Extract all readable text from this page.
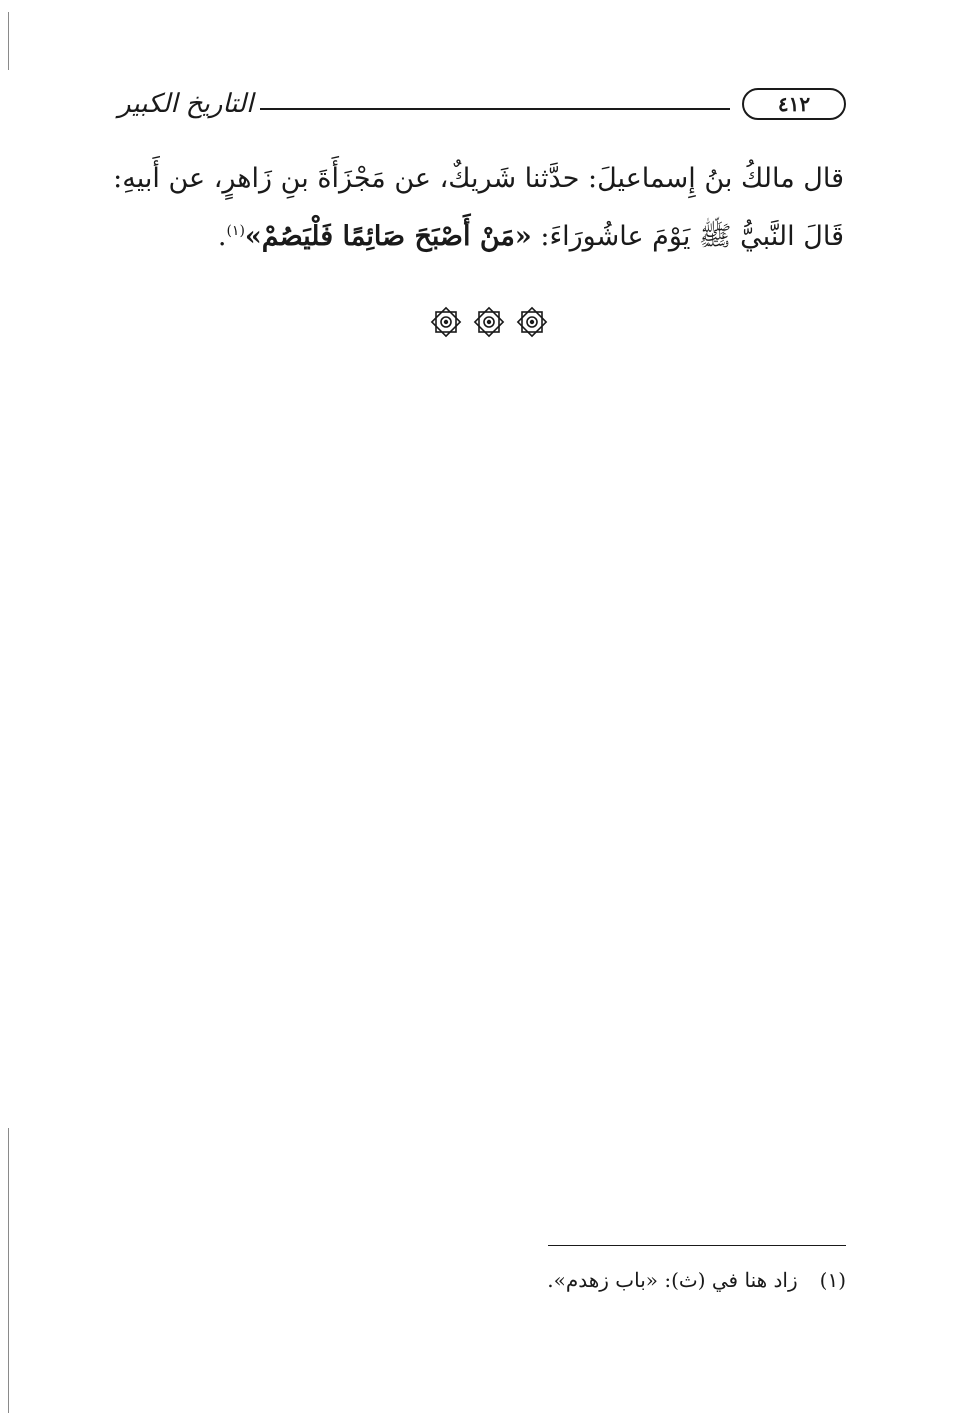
التاريخ الكبير	٤١٢
قال مالكُ بنُ إِسماعيلَ: حدَّثنا شَريكٌ، عن مَجْزَأَةَ بنِ زَاهرٍ، عن أَبيهِ:
قَالَ النَّبيُّ ﷺ يَوْمَ عاشُورَاءَ: «مَنْ أَصْبَحَ صَائِمًا فَلْيَصُمْ»$^{(١)}$.

(١)زاد هنا في (ث): «باب زهدم».
